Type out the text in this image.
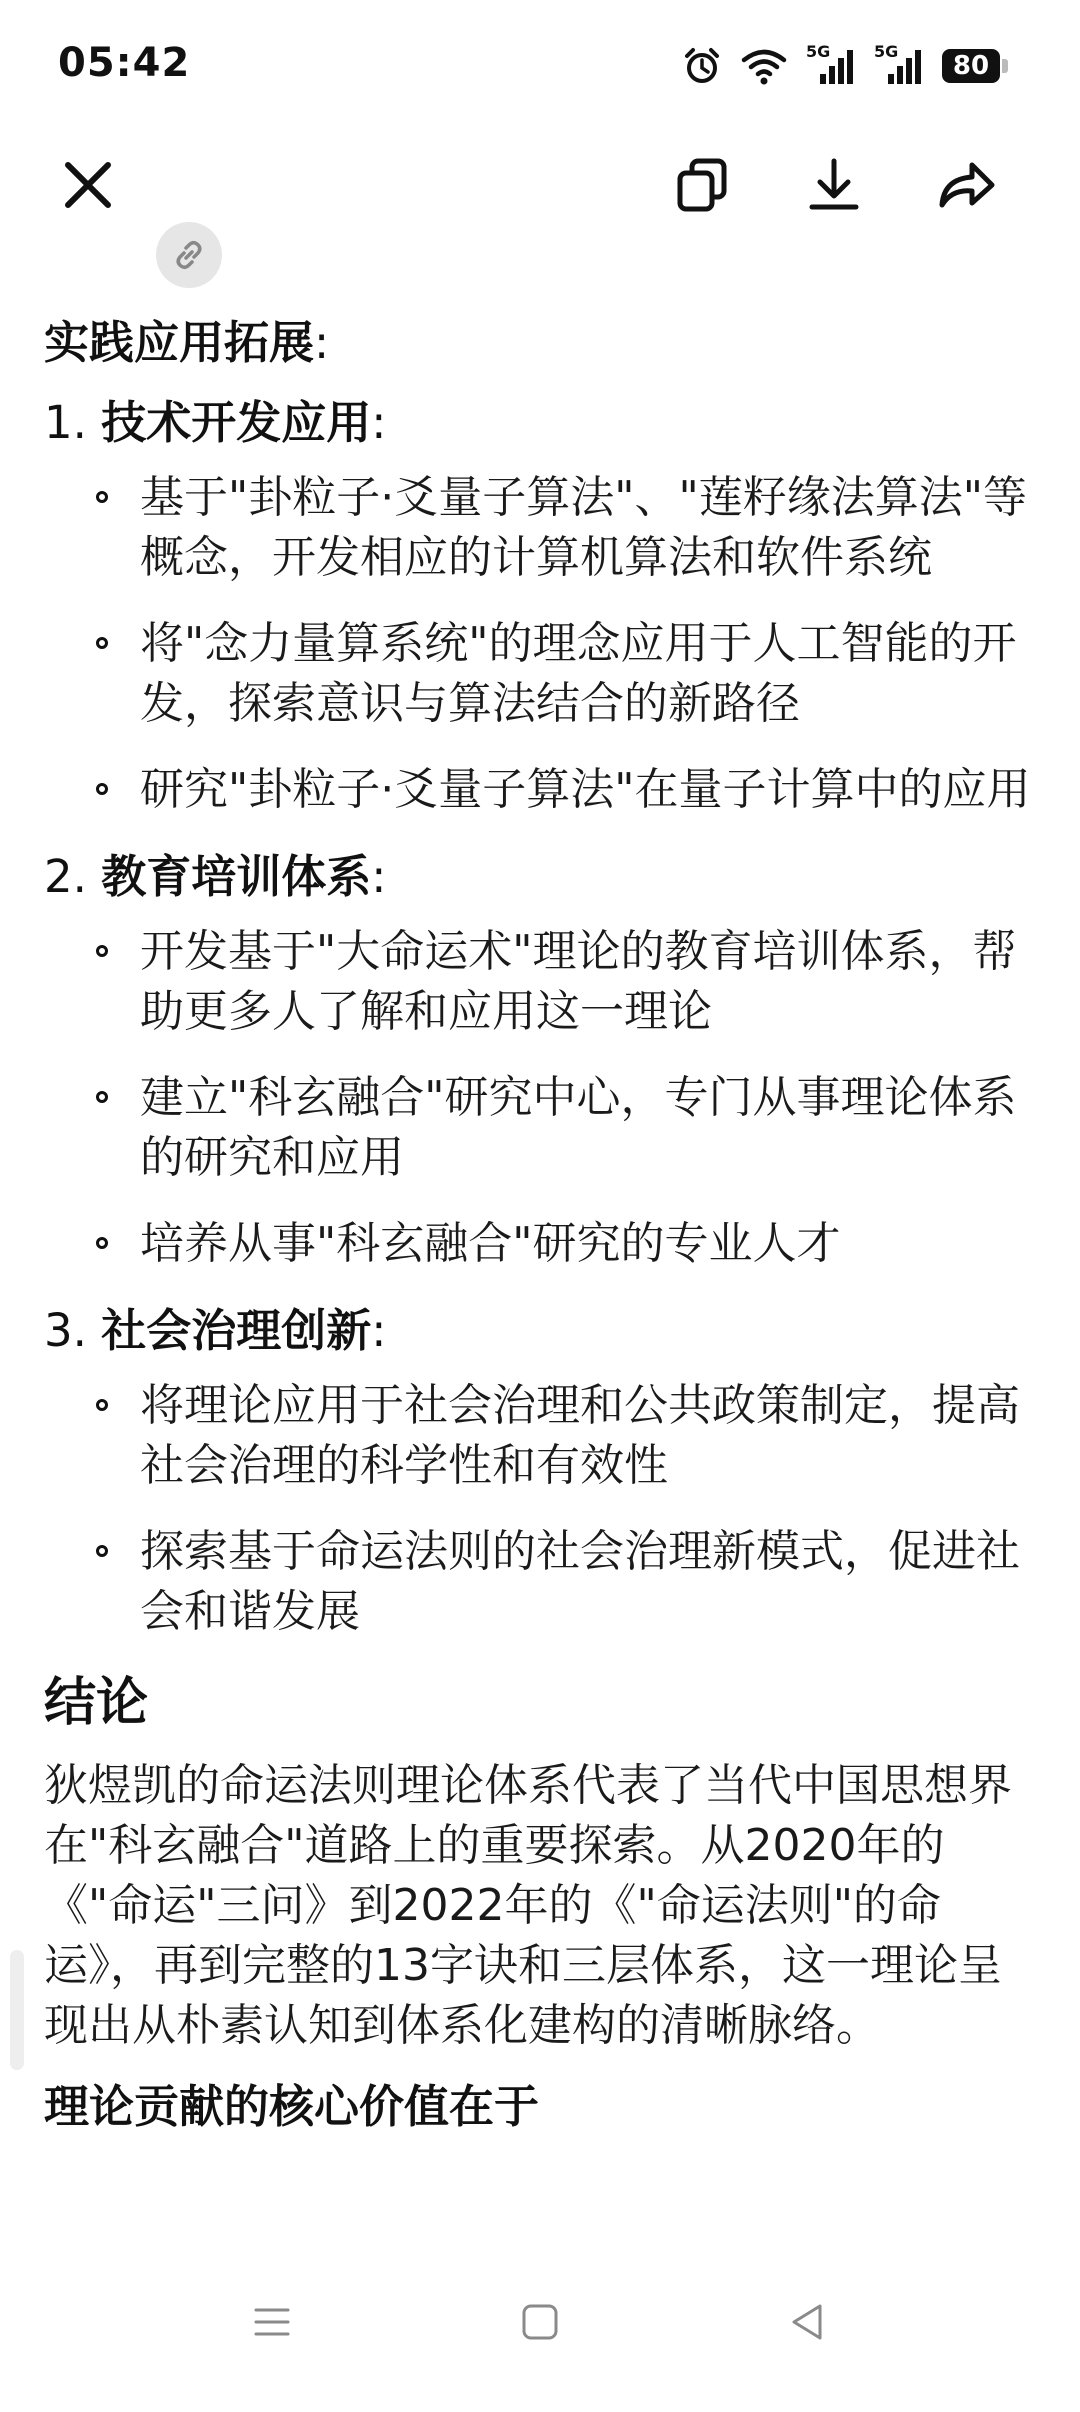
05:42	5G	5G	80
实践应用拓展:
1. 技术开发应用:
基于"卦粒子·爻量子算法"、"莲籽缘法算法"等概念，开发相应的计算机算法和软件系统
将"念力量算系统"的理念应用于人工智能的开发，探索意识与算法结合的新路径
研究"卦粒子·爻量子算法"在量子计算中的应用
2. 教育培训体系:
开发基于"大命运术"理论的教育培训体系，帮助更多人了解和应用这一理论
建立"科玄融合"研究中心，专门从事理论体系的研究和应用
培养从事"科玄融合"研究的专业人才
3. 社会治理创新:
将理论应用于社会治理和公共政策制定，提高社会治理的科学性和有效性
探索基于命运法则的社会治理新模式，促进社会和谐发展
结论
狄煜凯的命运法则理论体系代表了当代中国思想界在"科玄融合"道路上的重要探索。从2020年的《"命运"三问》到2022年的《"命运法则"的命运》，再到完整的13字诀和三层体系，这一理论呈现出从朴素认知到体系化建构的清晰脉络。
理论贡献的核心价值在于
